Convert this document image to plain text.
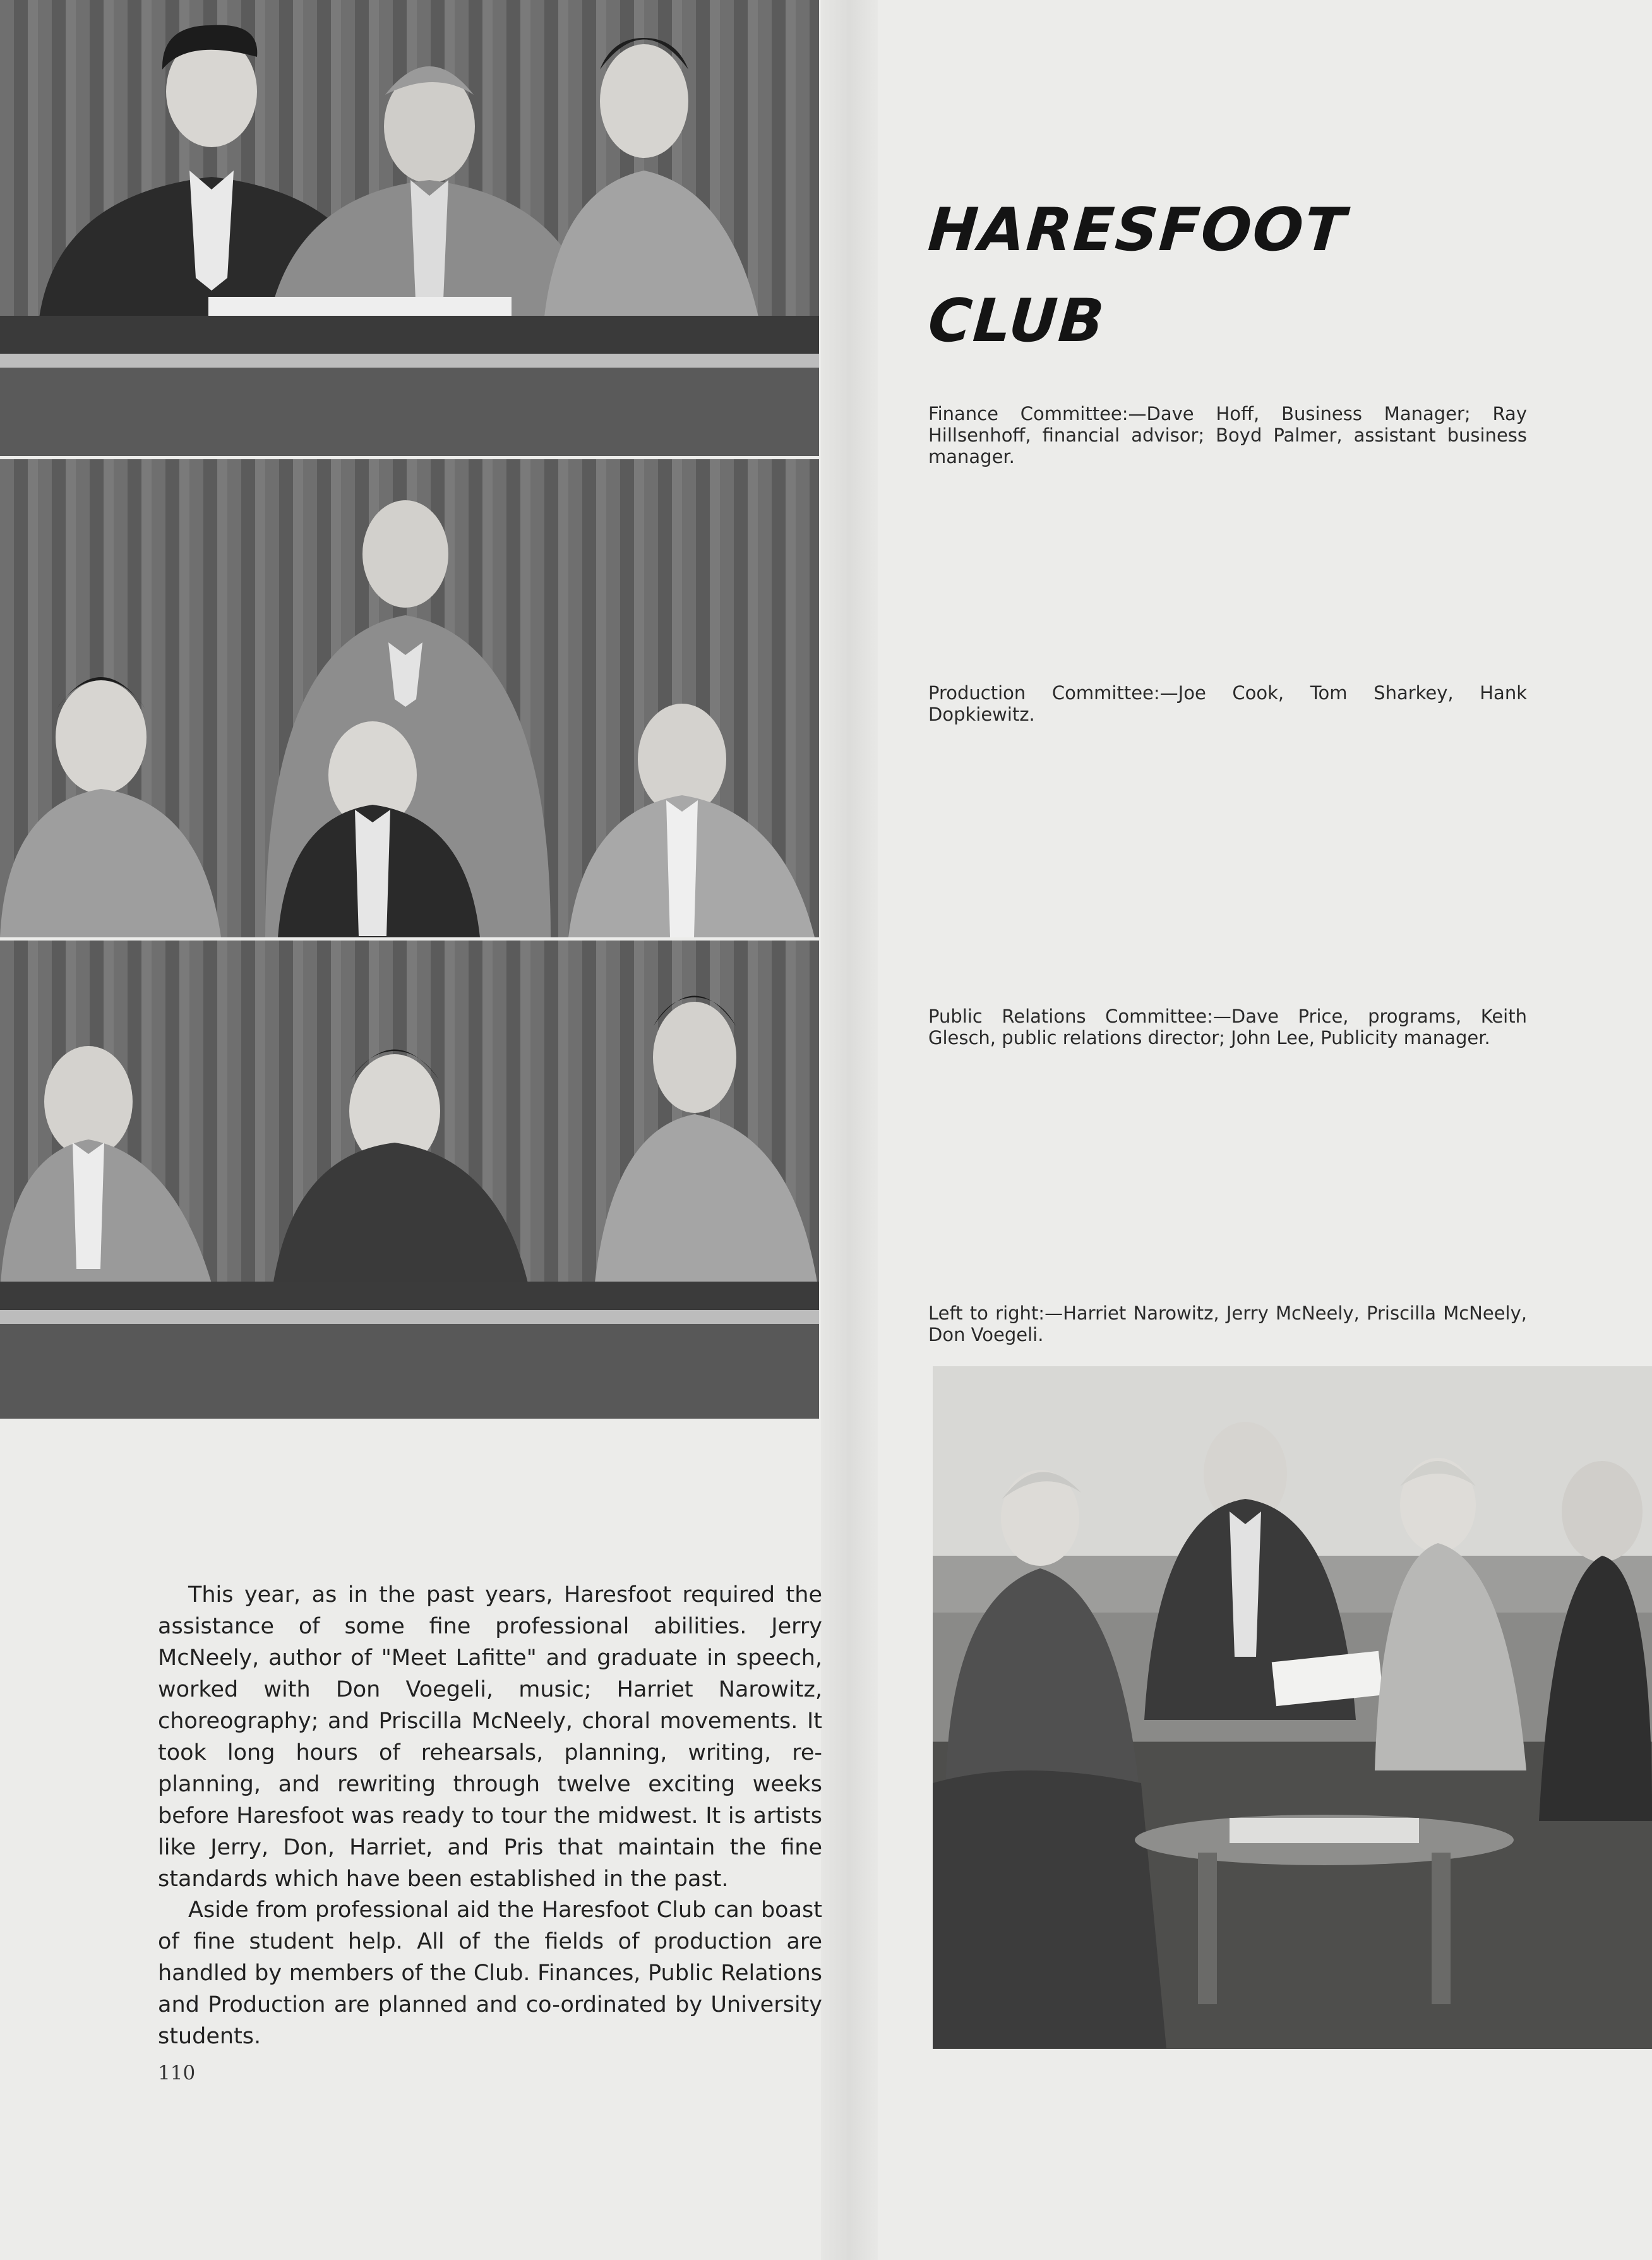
HARESFOOT
CLUB

Finance Committee:—Dave Hoff, Business Manager; Ray Hillsenhoff, financial advisor; Boyd Palmer, assistant business manager.

Production Committee:—Joe Cook, Tom Sharkey, Hank Dopkiewitz.

Public Relations Committee:—Dave Price, programs, Keith Glesch, public relations director; John Lee, Publicity manager.

Left to right:—Harriet Narowitz, Jerry McNeely, Priscilla McNeely, Don Voegeli.

This year, as in the past years, Haresfoot required the assistance of some fine professional abilities. Jerry McNeely, author of "Meet Lafitte" and graduate in speech, worked with Don Voegeli, music; Harriet Narowitz, choreography; and Priscilla McNeely, choral movements. It took long hours of rehearsals, planning, writing, re-planning, and rewriting through twelve exciting weeks before Haresfoot was ready to tour the midwest. It is artists like Jerry, Don, Harriet, and Pris that maintain the fine standards which have been established in the past.

Aside from professional aid the Haresfoot Club can boast of fine student help. All of the fields of production are handled by members of the Club. Finances, Public Relations and Production are planned and co-ordinated by University students.

110
